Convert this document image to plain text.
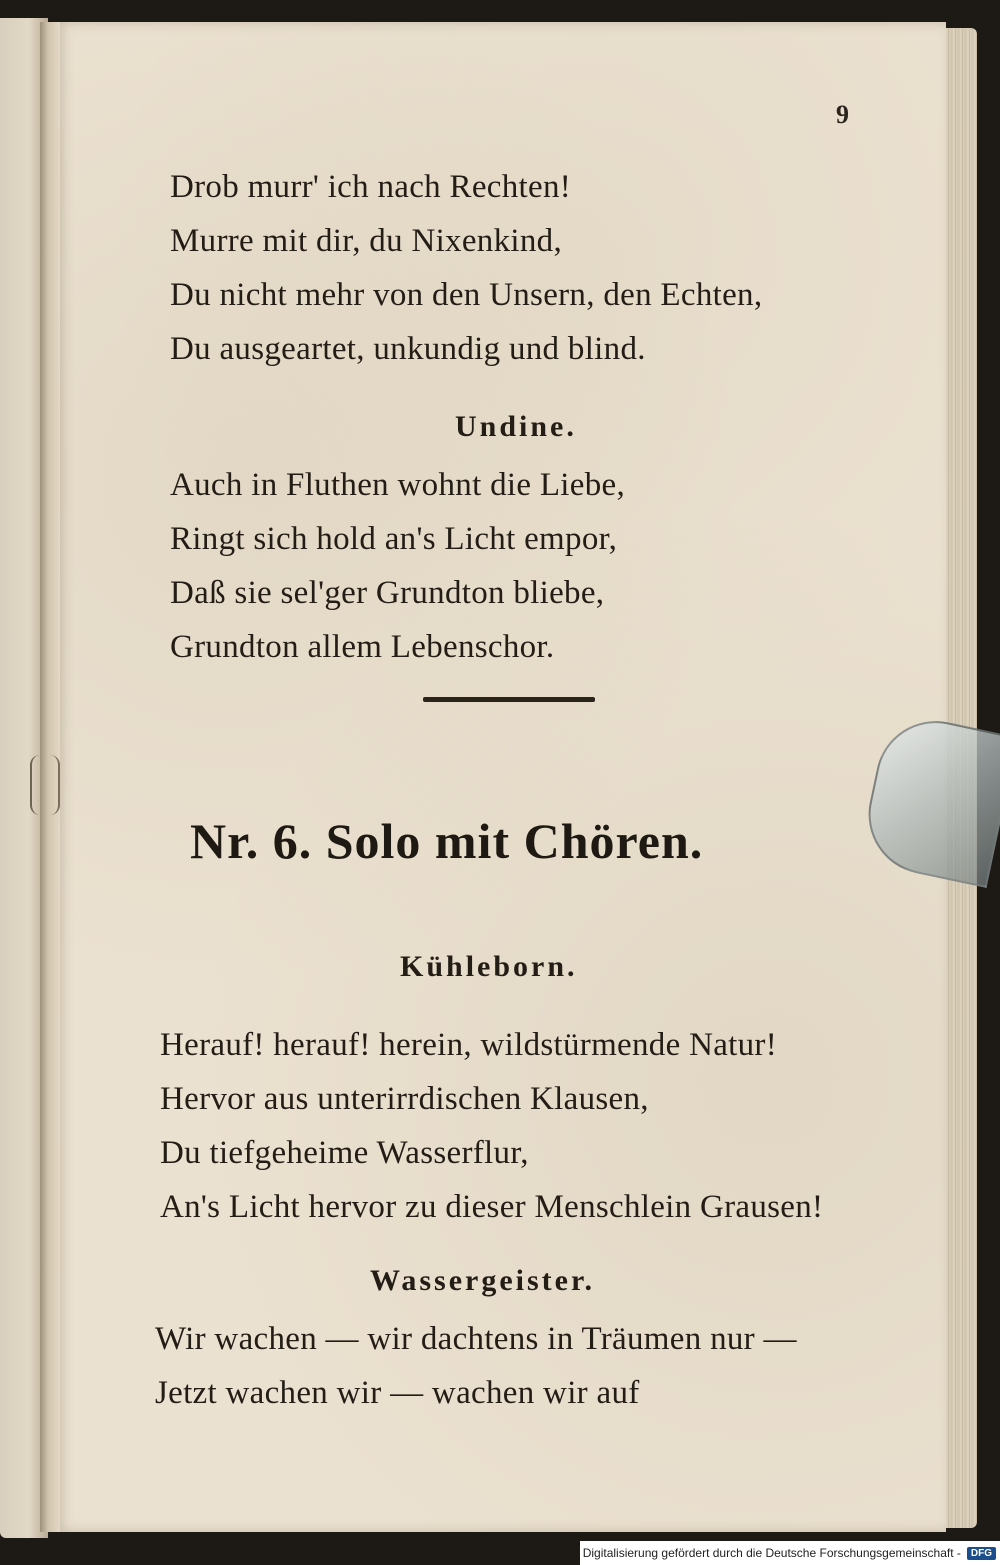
9
Drob murr' ich nach Rechten!
Murre mit dir, du Nixenkind,
Du nicht mehr von den Unsern, den Echten,
Du ausgeartet, unkundig und blind.
Undine.
Auch in Fluthen wohnt die Liebe,
Ringt sich hold an's Licht empor,
Daß sie sel'ger Grundton bliebe,
Grundton allem Lebenschor.
Nr. 6. Solo mit Chören.
Kühleborn.
Herauf! herauf! herein, wildstürmende Natur!
Hervor aus unterirrdischen Klausen,
Du tiefgeheime Wasserflur,
An's Licht hervor zu dieser Menschlein Grausen!
Wassergeister.
Wir wachen — wir dachtens in Träumen nur —
Jetzt wachen wir — wachen wir auf
Digitalisierung gefördert durch die Deutsche Forschungsgemeinschaft -	DFG
